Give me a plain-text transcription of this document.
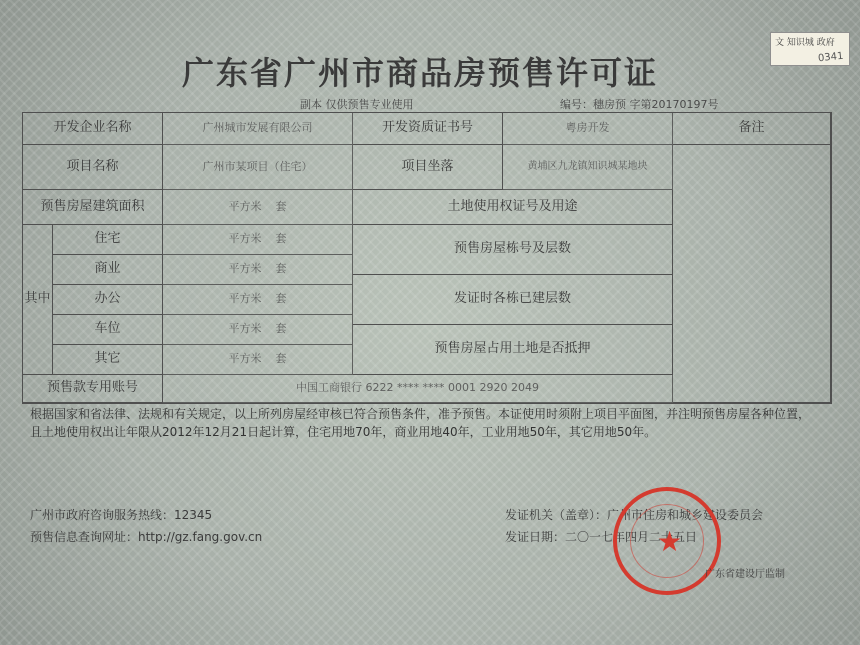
文 知识城 政府
0341
广东省广州市商品房预售许可证
副本 仅供预售专业使用	编号：穗房预 字第20170197号
开发企业名称	广州城市发展有限公司	开发资质证书号	粤房开发	备注
项目名称	广州市某项目（住宅）	项目坐落	黄埔区九龙镇知识城某地块
预售房屋建筑面积	平方米 套	土地使用权证号及用途
其中
住宅	平方米 套
商业	平方米 套
办公	平方米 套
车位	平方米 套
其它	平方米 套
预售房屋栋号及层数
发证时各栋已建层数
预售房屋占用土地是否抵押
预售款专用账号	中国工商银行 6222 **** **** 0001 2920 2049
根据国家和省法律、法规和有关规定，以上所列房屋经审核已符合预售条件，准予预售。本证使用时须附上项目平面图，并注明预售房屋各种位置，且土地使用权出让年限从2012年12月21日起计算，住宅用地70年，商业用地40年，工业用地50年，其它用地50年。
广州市政府咨询服务热线：12345
预售信息查询网址：http://gz.fang.gov.cn
发证机关（盖章）：广州市住房和城乡建设委员会
发证日期：二〇一七年四月二十五日
★
广东省建设厅监制
